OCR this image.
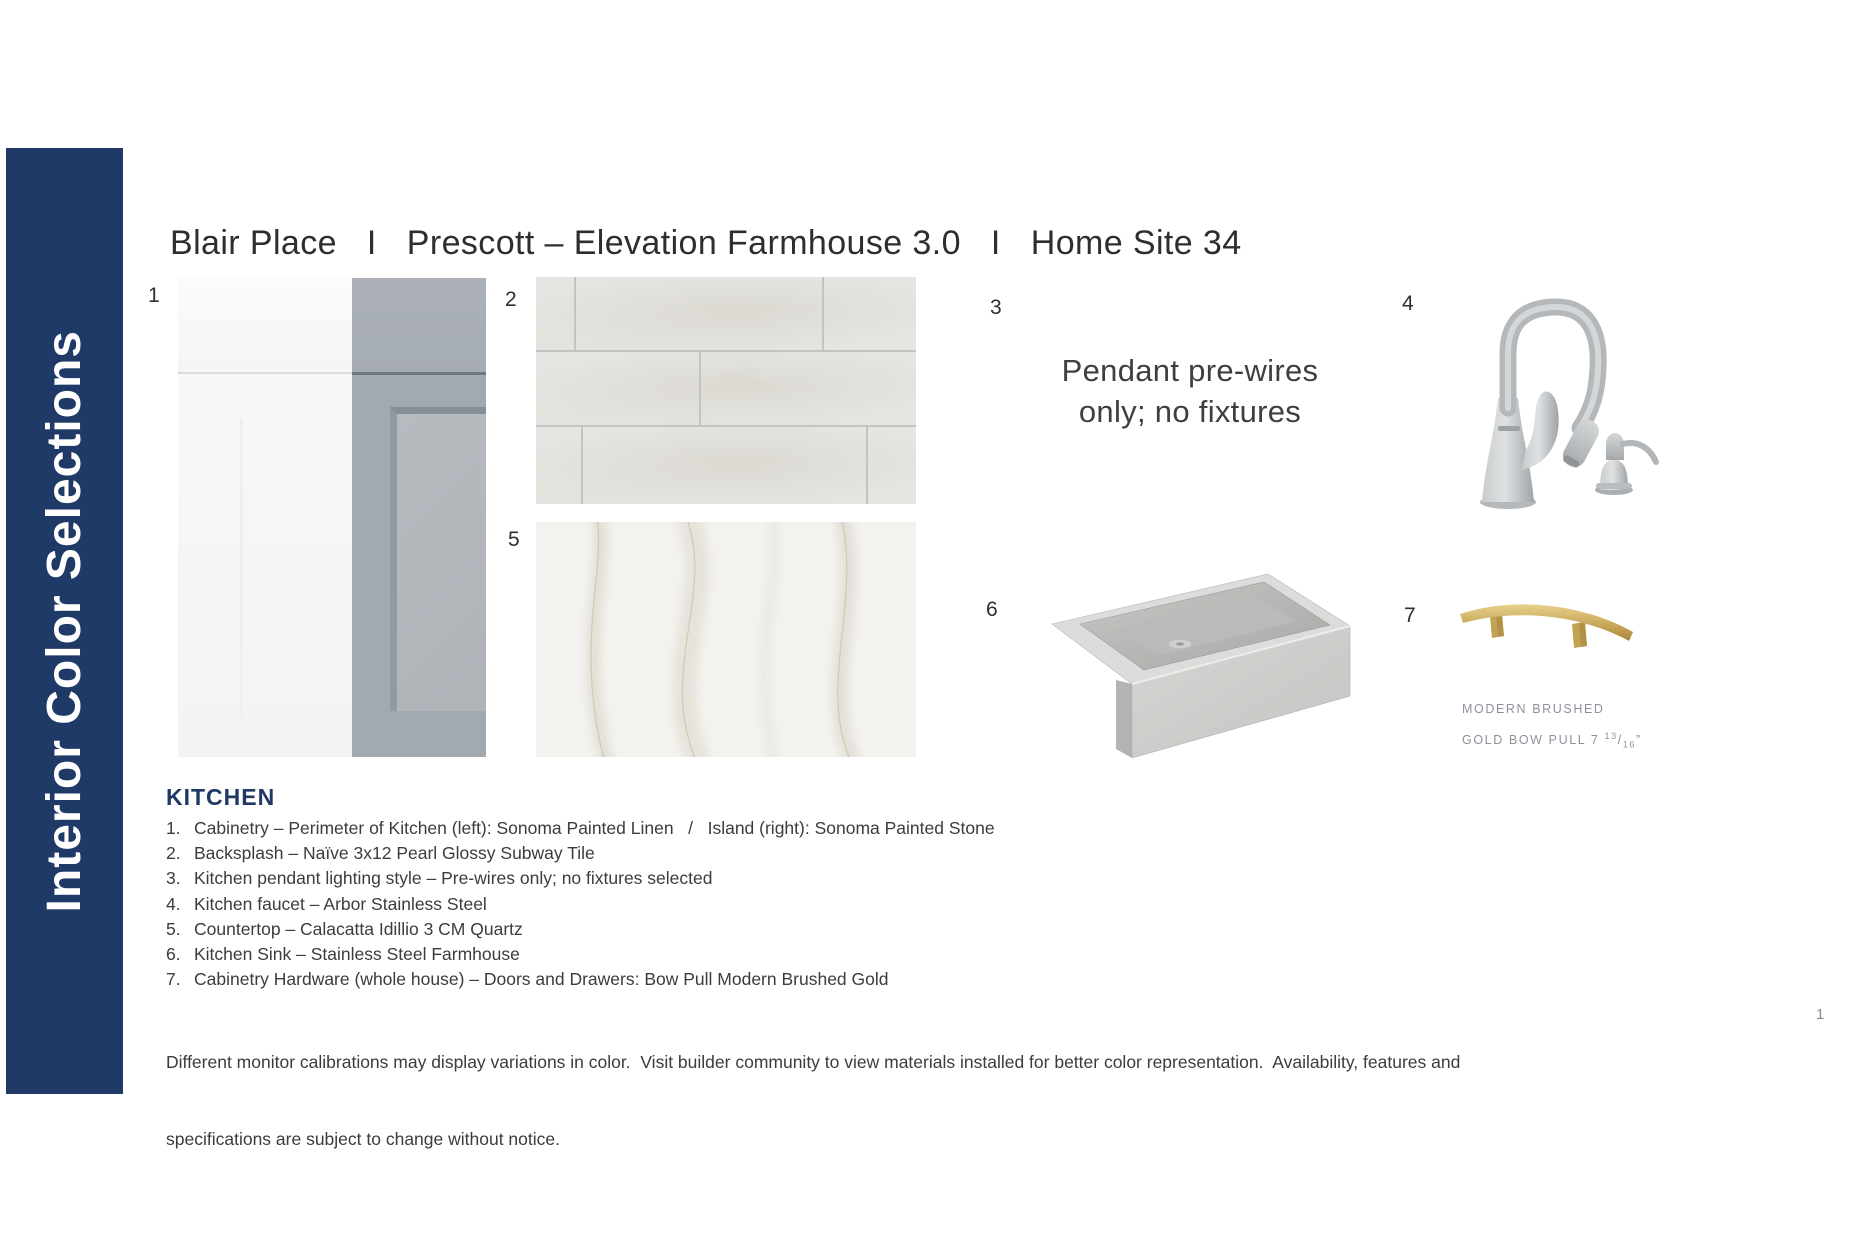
Interior Color Selections
Blair Place I Prescott – Elevation Farmhouse 3.0 I Home Site 34
1	2	3	4
5
6	7
Pendant pre-wires
only; no fixtures
MODERN BRUSHED
GOLD BOW PULL 7 $^{13}/_{16}$”
KITCHEN
1. Cabinetry – Perimeter of Kitchen (left): Sonoma Painted Linen   /   Island (right): Sonoma Painted Stone
2. Backsplash – Naïve 3x12 Pearl Glossy Subway Tile
3. Kitchen pendant lighting style – Pre-wires only; no fixtures selected
4. Kitchen faucet – Arbor Stainless Steel
5. Countertop – Calacatta Idillio 3 CM Quartz
6. Kitchen Sink – Stainless Steel Farmhouse
7. Cabinetry Hardware (whole house) – Doors and Drawers: Bow Pull Modern Brushed Gold

Different monitor calibrations may display variations in color.  Visit builder community to view materials installed for better color representation.  Availability, features and

specifications are subject to change without notice.

1
